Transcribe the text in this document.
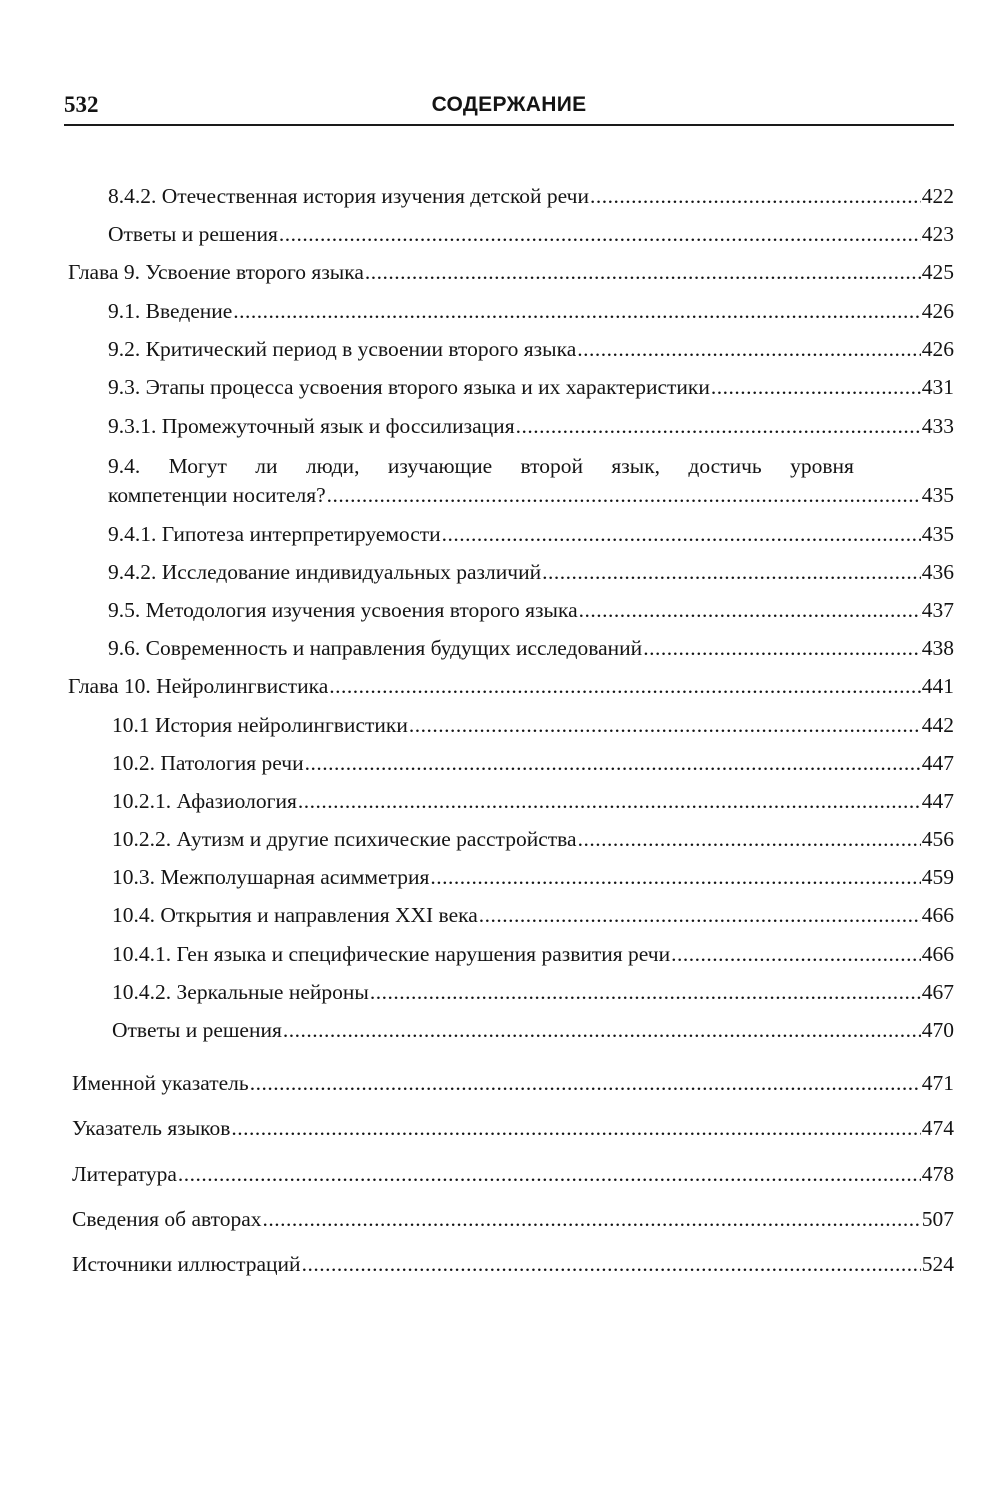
532	СОДЕРЖАНИЕ
8.4.2. Отечественная история изучения детской речи .....	422
Ответы и решения .....	423
Глава 9. Усвоение второго языка .....	425
9.1. Введение .....	426
9.2. Критический период в усвоении второго языка .....	426
9.3. Этапы процесса усвоения второго языка и их характеристики .....	431
9.3.1. Промежуточный язык и фоссилизация .....	433
9.4. Могут ли люди, изучающие второй язык, достичь уровня
компетенции носителя? .....	435
9.4.1. Гипотеза интерпретируемости .....	435
9.4.2. Исследование индивидуальных различий .....	436
9.5. Методология изучения усвоения второго языка .....	437
9.6. Современность и направления будущих исследований .....	438
Глава 10. Нейролингвистика .....	441
10.1 История нейролингвистики .....	442
10.2. Патология речи .....	447
10.2.1. Афазиология .....	447
10.2.2. Аутизм и другие психические расстройства .....	456
10.3. Межполушарная асимметрия .....	459
10.4. Открытия и направления XXI века .....	466
10.4.1. Ген языка и специфические нарушения развития речи .....	466
10.4.2. Зеркальные нейроны .....	467
Ответы и решения .....	470
Именной указатель .....	471
Указатель языков .....	474
Литература .....	478
Сведения об авторах .....	507
Источники иллюстраций .....	524
